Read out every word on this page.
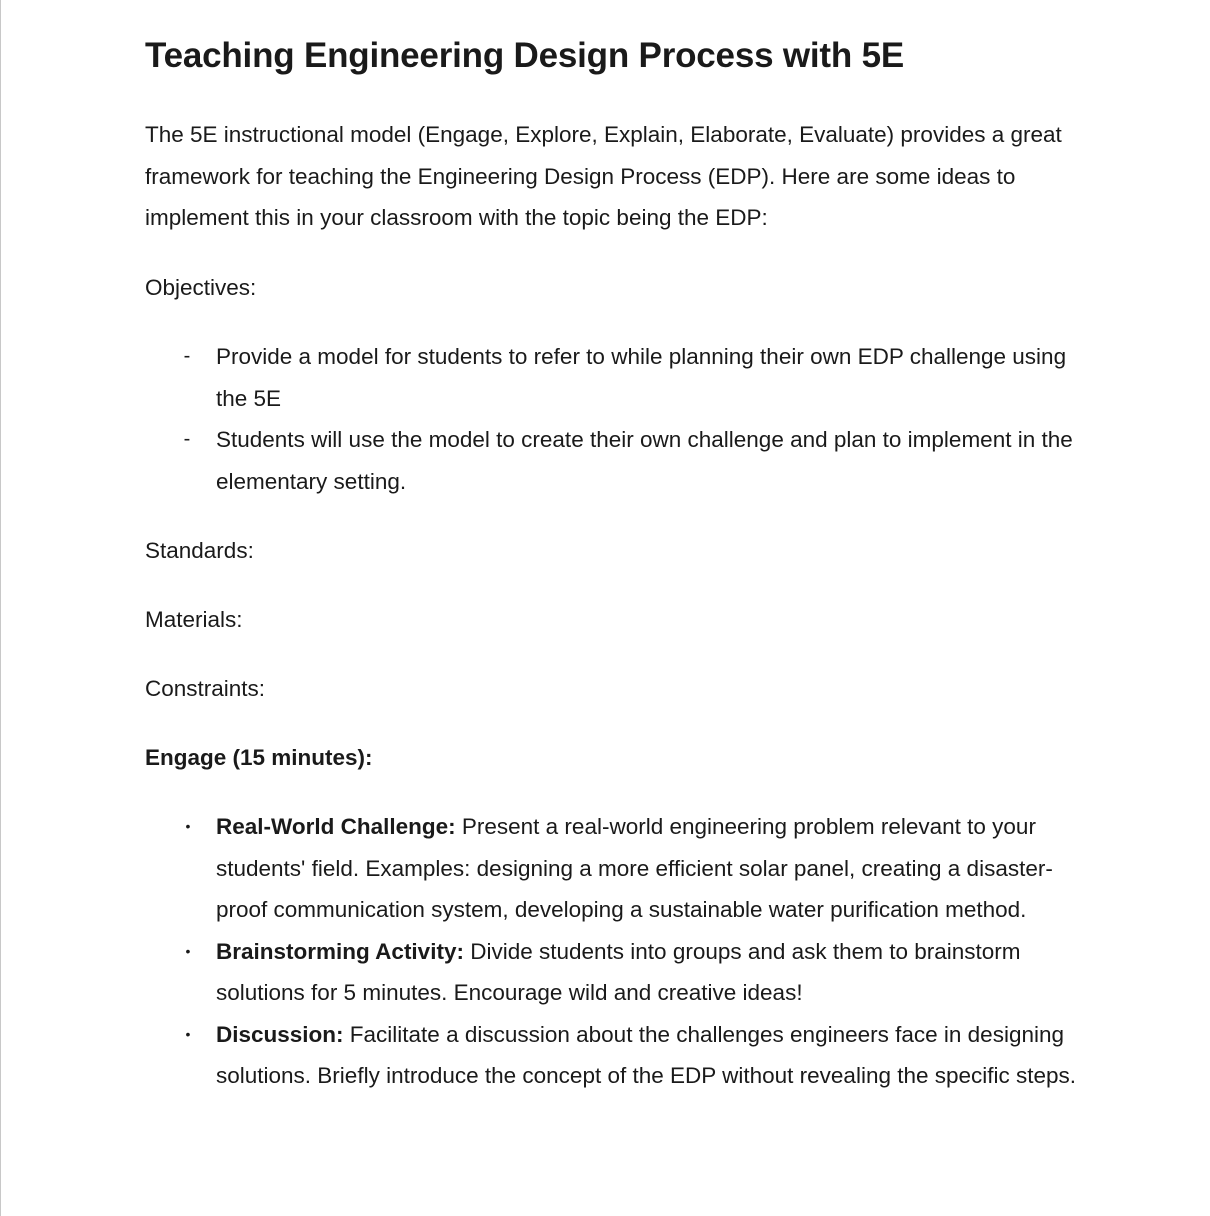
Teaching Engineering Design Process with 5E

The 5E instructional model (Engage, Explore, Explain, Elaborate, Evaluate) provides a great framework for teaching the Engineering Design Process (EDP). Here are some ideas to implement this in your classroom with the topic being the EDP:

Objectives:
- Provide a model for students to refer to while planning their own EDP challenge using the 5E
- Students will use the model to create their own challenge and plan to implement in the elementary setting.
Standards:
Materials:
Constraints:
Engage (15 minutes):
• Real-World Challenge: Present a real-world engineering problem relevant to your students' field. Examples: designing a more efficient solar panel, creating a disaster-proof communication system, developing a sustainable water purification method.
• Brainstorming Activity: Divide students into groups and ask them to brainstorm solutions for 5 minutes. Encourage wild and creative ideas!
• Discussion: Facilitate a discussion about the challenges engineers face in designing solutions. Briefly introduce the concept of the EDP without revealing the specific steps.
